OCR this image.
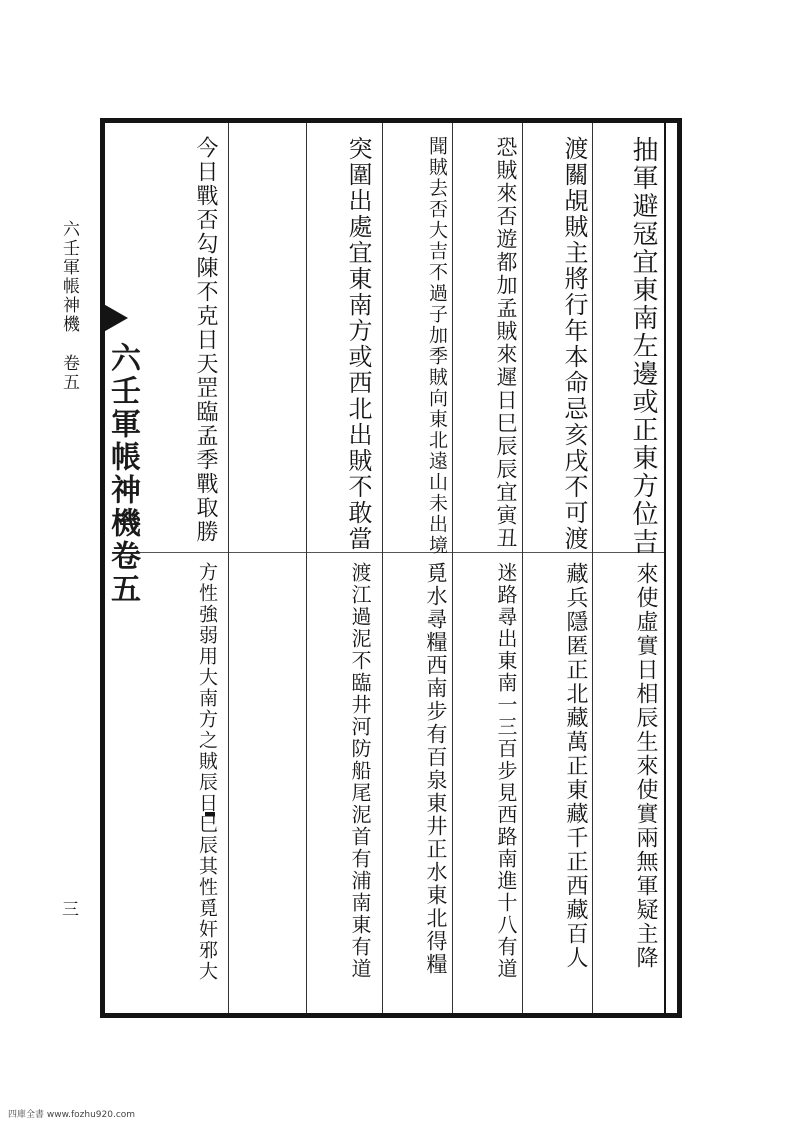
六壬軍帳神機卷五
三
六壬軍帳神機卷五	抽軍避冦宜東南左邊或正東方位吉
來使虛實日相辰生來使實兩無軍疑主降
渡關覘賊主將行年本命忌亥戌不可渡
藏兵隱匿正北藏萬正東藏千正西藏百人
恐賊來否遊都加孟賊來遲日巳辰辰宜寅丑
迷路尋出東南一三百步見西路南進十八有道
聞賊去否大吉不過子加季賊向東北遠山未出境
覓水尋糧西南步有百泉東井正水東北得糧
突圍出處宜東南方或西北出賊不敢當
渡江過泥不臨井河防船尾泥首有浦南東有道
今日戰否勾陳不克日天罡臨孟季戰取勝
方性強弱用大南方之賊辰日巳辰其性覓奸邪大
四庫全書 www.fozhu920.com
